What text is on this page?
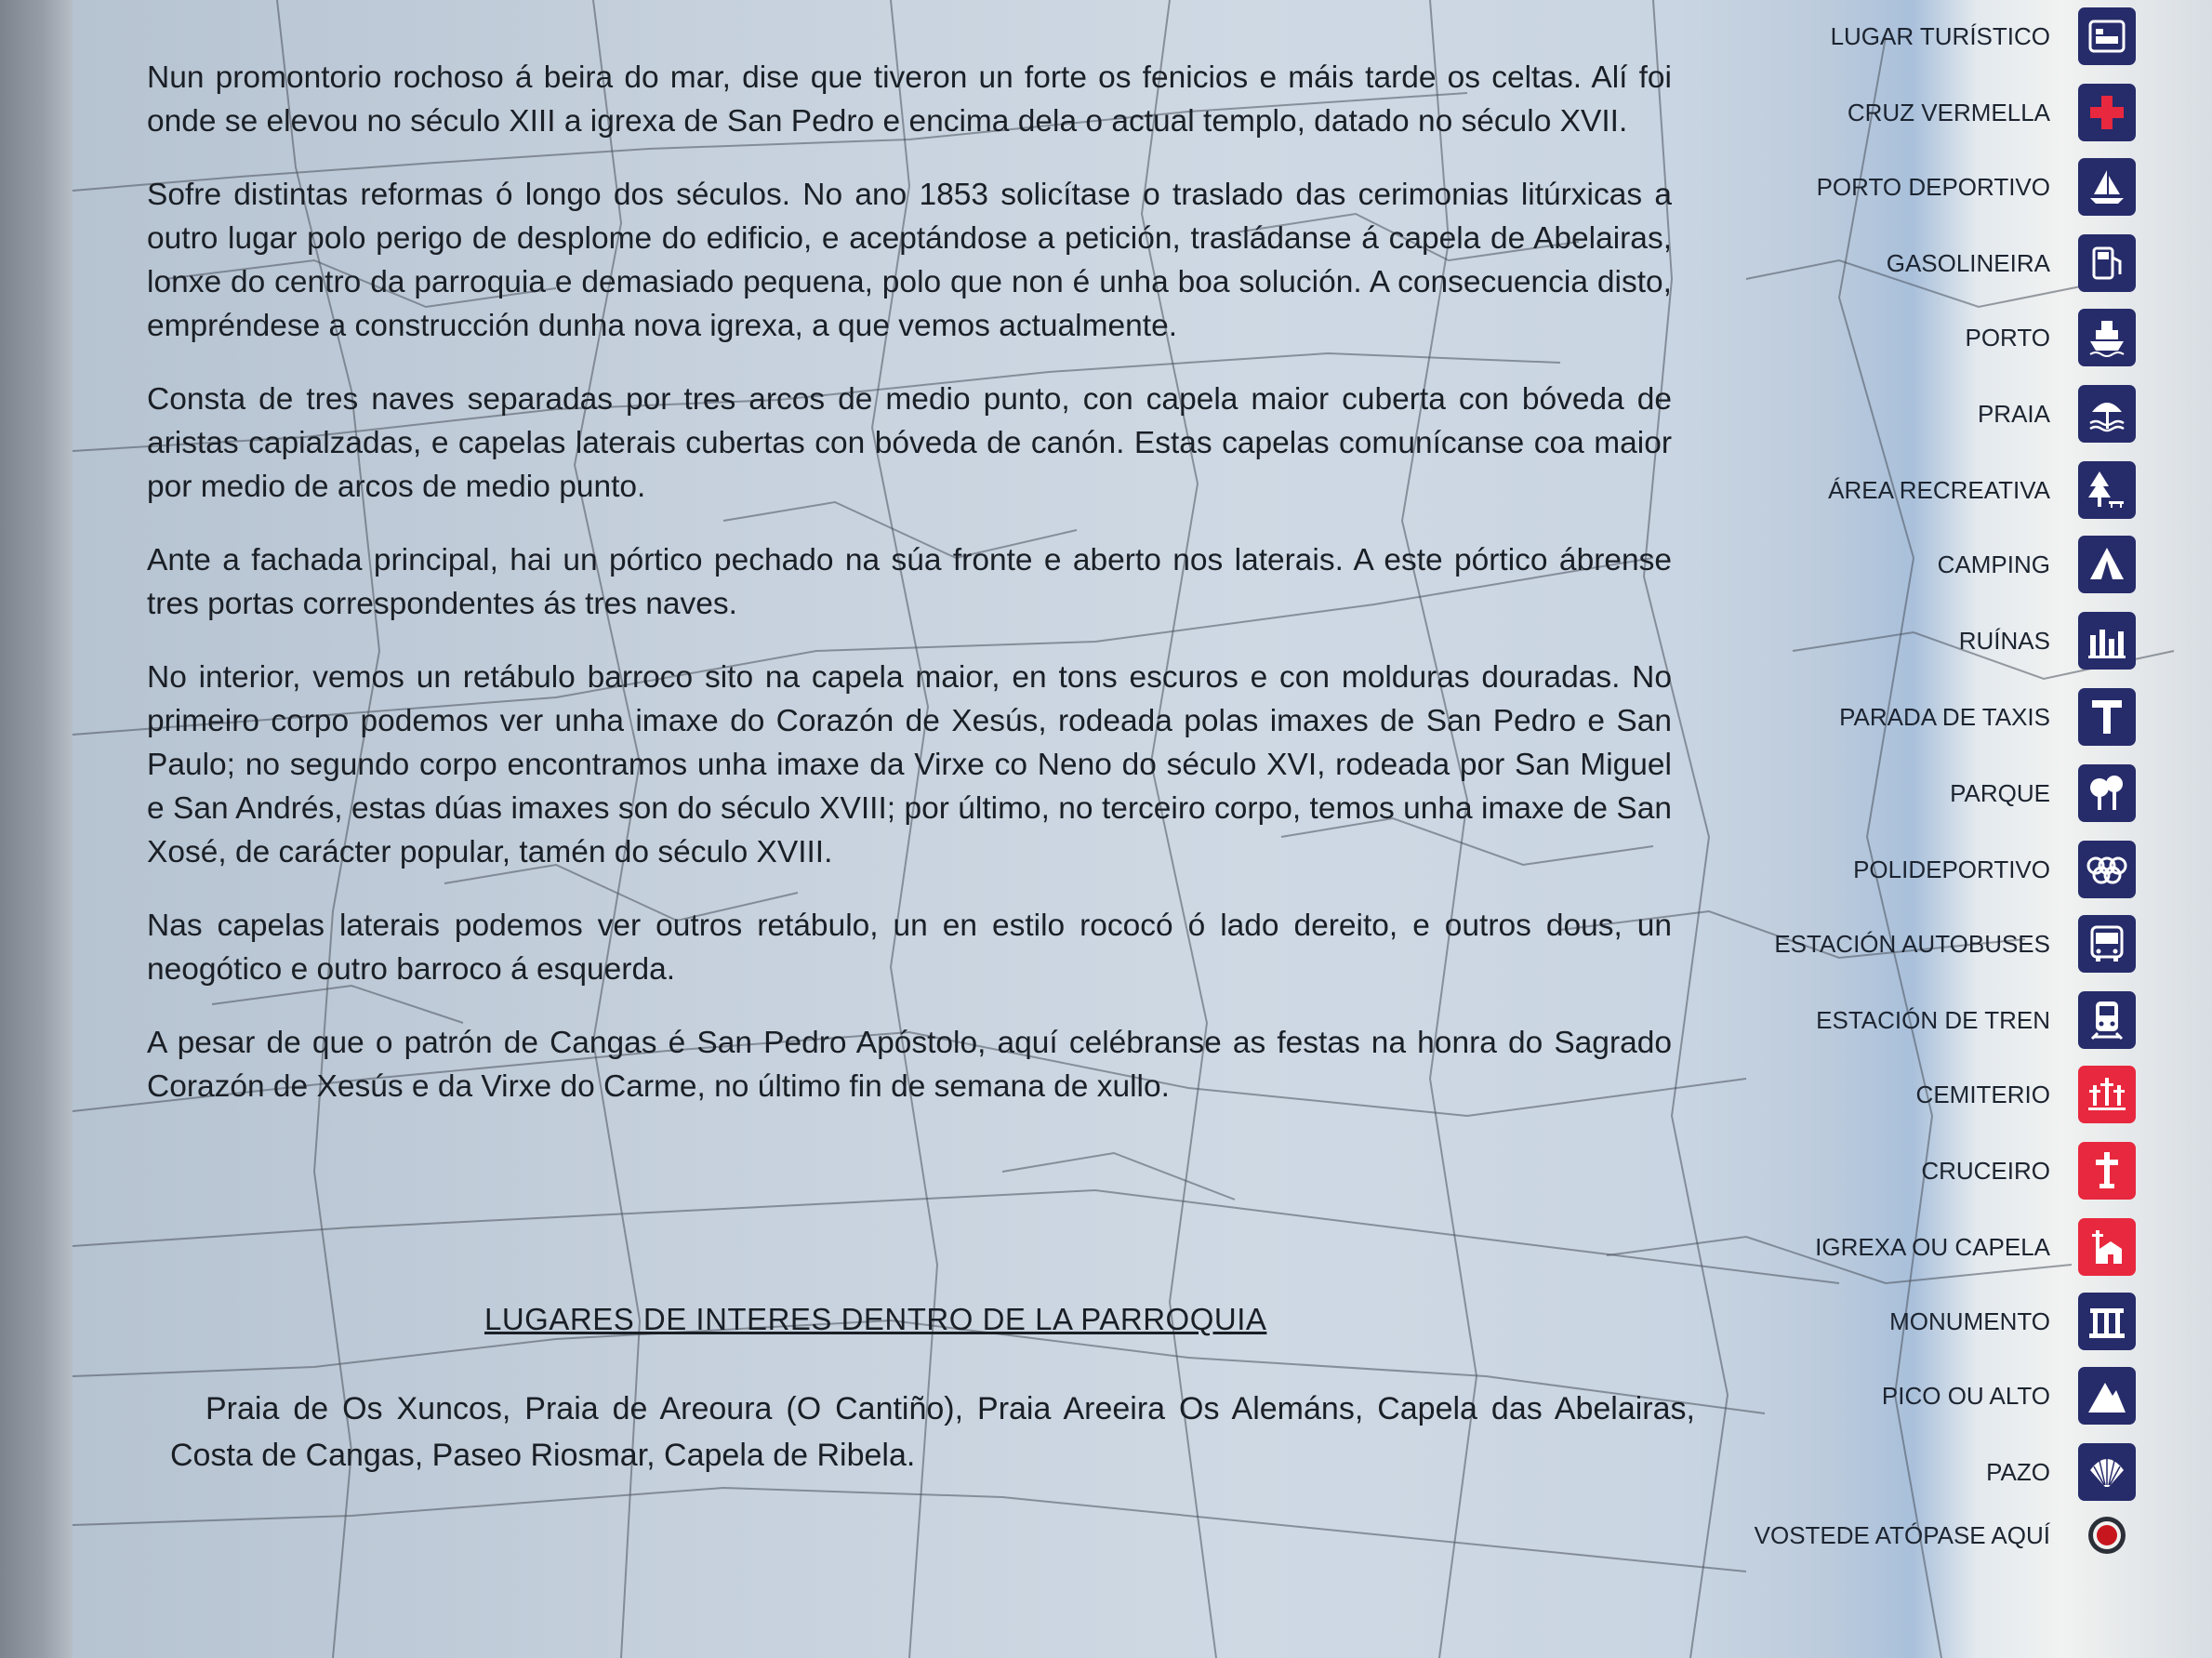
Nun promontorio rochoso á beira do mar, dise que tiveron un forte os fenicios e máis tarde os celtas. Alí foi onde se elevou no século XIII a igrexa de San Pedro e encima dela o actual templo, datado no século XVII.

Sofre distintas reformas ó longo dos séculos. No ano 1853 solicítase o traslado das cerimonias litúrxicas a outro lugar polo perigo de desplome do edificio, e aceptándose a petición, trasládanse á capela de Abelairas, lonxe do centro da parroquia e demasiado pequena, polo que non é unha boa solución. A consecuencia disto, empréndese a construcción dunha nova igrexa, a que vemos actualmente.

Consta de tres naves separadas por tres arcos de medio punto, con capela maior cuberta con bóveda de aristas capialzadas, e capelas laterais cubertas con bóveda de canón. Estas capelas comunícanse coa maior por medio de arcos de medio punto.

Ante a fachada principal, hai un pórtico pechado na súa fronte e aberto nos laterais. A este pórtico ábrense tres portas correspondentes ás tres naves.

No interior, vemos un retábulo barroco sito na capela maior, en tons escuros e con molduras douradas. No primeiro corpo podemos ver unha imaxe do Corazón de Xesús, rodeada polas imaxes de San Pedro e San Paulo; no segundo corpo encontramos unha imaxe da Virxe co Neno do século XVI, rodeada por San Miguel e San Andrés, estas dúas imaxes son do século XVIII; por último, no terceiro corpo, temos unha imaxe de San Xosé, de carácter popular, tamén do século XVIII.

Nas capelas laterais podemos ver outros retábulo, un en estilo rococó ó lado dereito, e outros dous, un neogótico e outro barroco á esquerda.

A pesar de que o patrón de Cangas é San Pedro Apóstolo, aquí celébranse as festas na honra do Sagrado Corazón de Xesús e da Virxe do Carme, no último fin de semana de xullo.

LUGARES DE INTERES DENTRO DE LA PARROQUIA
Praia de Os Xuncos, Praia de Areoura (O Cantiño), Praia Areeira Os Alemáns, Capela das Abelairas, Costa de Cangas, Paseo Riosmar, Capela de Ribela.
LUGAR TURÍSTICO
CRUZ VERMELLA
PORTO DEPORTIVO
GASOLINEIRA
PORTO
PRAIA
ÁREA RECREATIVA
CAMPING
RUÍNAS
PARADA DE TAXIS
PARQUE
POLIDEPORTIVO
ESTACIÓN AUTOBUSES
ESTACIÓN DE TREN
CEMITERIO
CRUCEIRO
IGREXA OU CAPELA
MONUMENTO
PICO OU ALTO
PAZO
VOSTEDE ATÓPASE AQUÍ
